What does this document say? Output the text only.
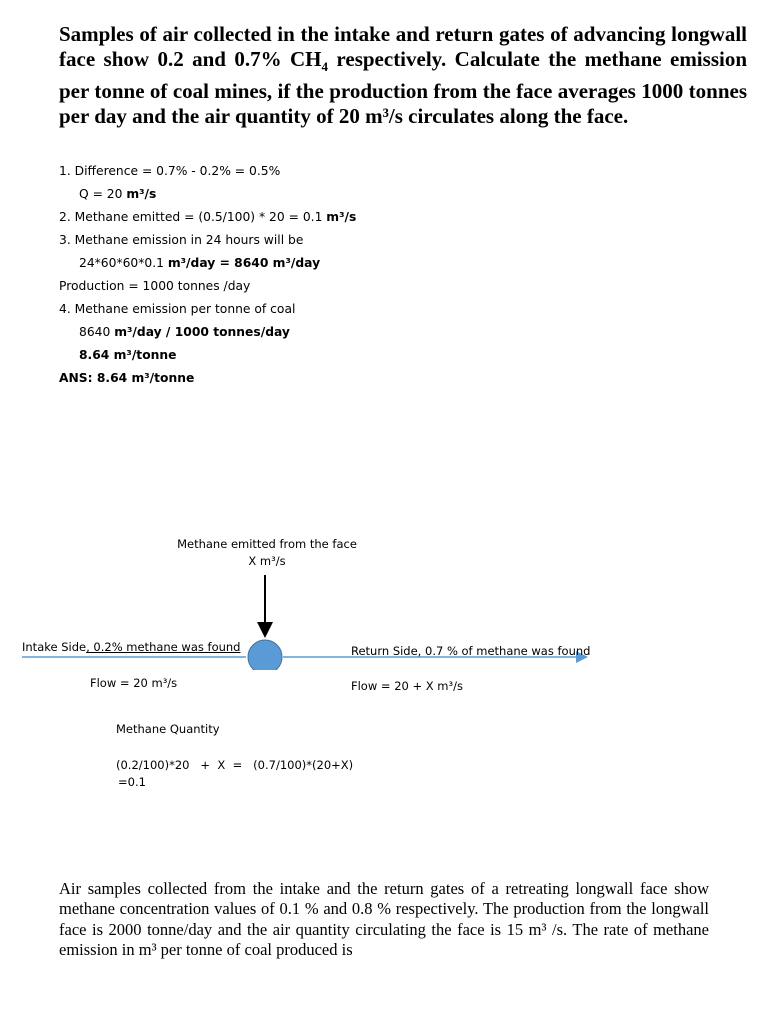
Samples of air collected in the intake and return gates of advancing longwall face show 0.2 and 0.7% $CH_4$ respectively. Calculate the methane emission per tonne of coal mines, if the production from the face averages 1000 tonnes per day and the air quantity of 20 m³/s circulates along the face.

1. Difference = 0.7% - 0.2% = 0.5%
Q = 20 m³/s
2. Methane emitted = (0.5/100) * 20 = 0.1 m³/s
3. Methane emission in 24 hours will be
24*60*60*0.1 m³/day = 8640 m³/day
Production = 1000 tonnes /day
4. Methane emission per tonne of coal
8640 m³/day / 1000 tonnes/day
8.64 m³/tonne
ANS: 8.64 m³/tonne
Methane emitted from the face
X m³/s
Intake Side, 0.2% methane was found	Return Side, 0.7 % of methane was found
Flow = 20 m³/s	Flow = 20 + X m³/s
Methane Quantity
(0.2/100)*20   +  X  =   (0.7/100)*(20+X)
=0.1

Air samples collected from the intake and the return gates of a retreating longwall face show methane concentration values of 0.1 % and 0.8 % respectively. The production from the longwall face is 2000 tonne/day and the air quantity circulating the face is 15 m³ /s. The rate of methane emission in m³ per tonne of coal produced is
